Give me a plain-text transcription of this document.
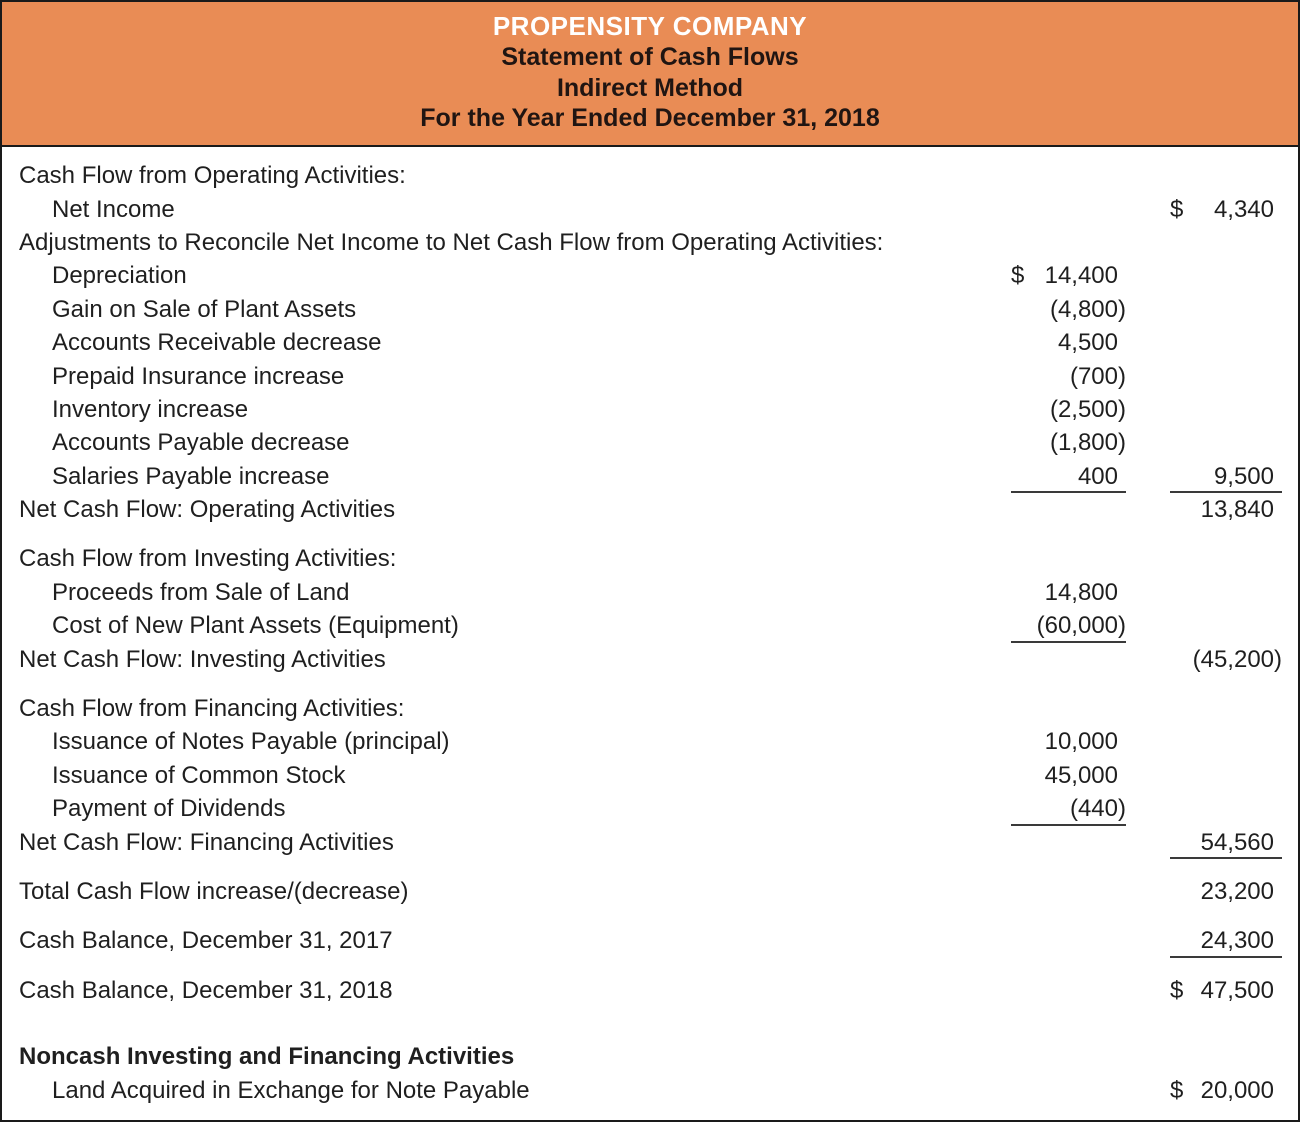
PROPENSITY COMPANY
Statement of Cash Flows
Indirect Method
For the Year Ended December 31, 2018
Cash Flow from Operating Activities:
Net Income	$ 4,340
Adjustments to Reconcile Net Income to Net Cash Flow from Operating Activities:
Depreciation	$ 14,400
Gain on Sale of Plant Assets	(4,800)
Accounts Receivable decrease	4,500
Prepaid Insurance increase	(700)
Inventory increase	(2,500)
Accounts Payable decrease	(1,800)
Salaries Payable increase	400	9,500
Net Cash Flow: Operating Activities	13,840
Cash Flow from Investing Activities:
Proceeds from Sale of Land	14,800
Cost of New Plant Assets (Equipment)	(60,000)
Net Cash Flow: Investing Activities	(45,200)
Cash Flow from Financing Activities:
Issuance of Notes Payable (principal)	10,000
Issuance of Common Stock	45,000
Payment of Dividends	(440)
Net Cash Flow: Financing Activities	54,560
Total Cash Flow increase/(decrease)	23,200
Cash Balance, December 31, 2017	24,300
Cash Balance, December 31, 2018	$ 47,500
Noncash Investing and Financing Activities
Land Acquired in Exchange for Note Payable	$ 20,000
